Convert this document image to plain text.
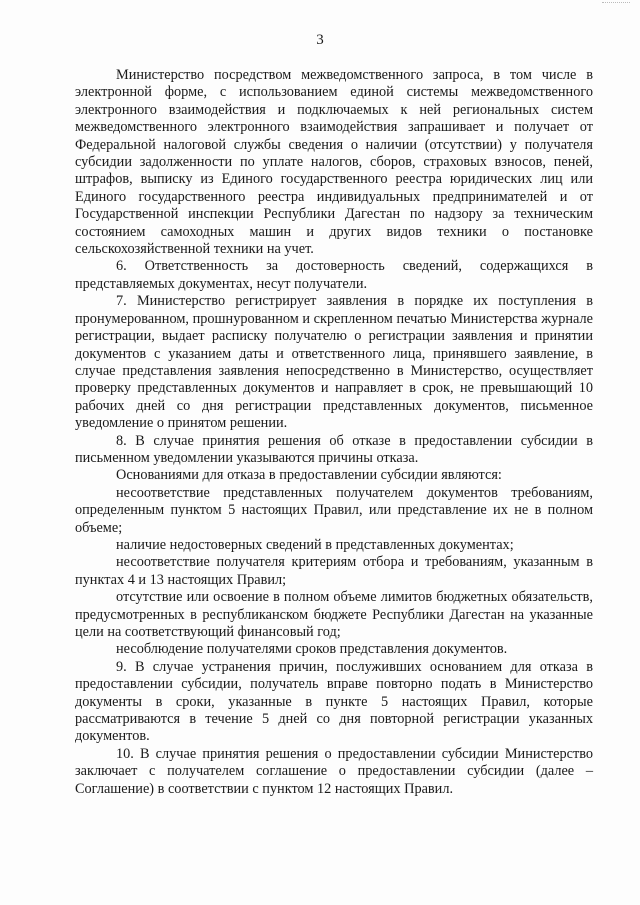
3

Министерство посредством межведомственного запроса, в том числе в электронной форме, с использованием единой системы межведомственного электронного взаимодействия и подключаемых к ней региональных систем межведомственного электронного взаимодействия запрашивает и получает от Федеральной налоговой службы сведения о наличии (отсутствии) у получателя субсидии задолженности по уплате налогов, сборов, страховых взносов, пеней, штрафов, выписку из Единого государственного реестра юридических лиц или Единого государственного реестра индивидуальных предпринимателей и от Государственной инспекции Республики Дагестан по надзору за техническим состоянием самоходных машин и других видов техники о постановке сельскохозяйственной техники на учет.

6. Ответственность за достоверность сведений, содержащихся в представляемых документах, несут получатели.

7. Министерство регистрирует заявления в порядке их поступления в пронумерованном, прошнурованном и скрепленном печатью Министерства журнале регистрации, выдает расписку получателю о регистрации заявления и принятии документов с указанием даты и ответственного лица, принявшего заявление, в случае представления заявления непосредственно в Министерство, осуществляет проверку представленных документов и направляет в срок, не превышающий 10 рабочих дней со дня регистрации представленных документов, письменное уведомление о принятом решении.

8. В случае принятия решения об отказе в предоставлении субсидии в письменном уведомлении указываются причины отказа.

Основаниями для отказа в предоставлении субсидии являются:

несоответствие представленных получателем документов требованиям, определенным пунктом 5 настоящих Правил, или представление их не в полном объеме;

наличие недостоверных сведений в представленных документах;

несоответствие получателя критериям отбора и требованиям, указанным в пунктах 4 и 13 настоящих Правил;

отсутствие или освоение в полном объеме лимитов бюджетных обязательств, предусмотренных в республиканском бюджете Республики Дагестан на указанные цели на соответствующий финансовый год;

несоблюдение получателями сроков представления документов.

9. В случае устранения причин, послуживших основанием для отказа в предоставлении субсидии, получатель вправе повторно подать в Министерство документы в сроки, указанные в пункте 5 настоящих Правил, которые рассматриваются в течение 5 дней со дня повторной регистрации указанных документов.

10. В случае принятия решения о предоставлении субсидии Министерство заключает с получателем соглашение о предоставлении субсидии (далее – Соглашение) в соответствии с пунктом 12 настоящих Правил.
